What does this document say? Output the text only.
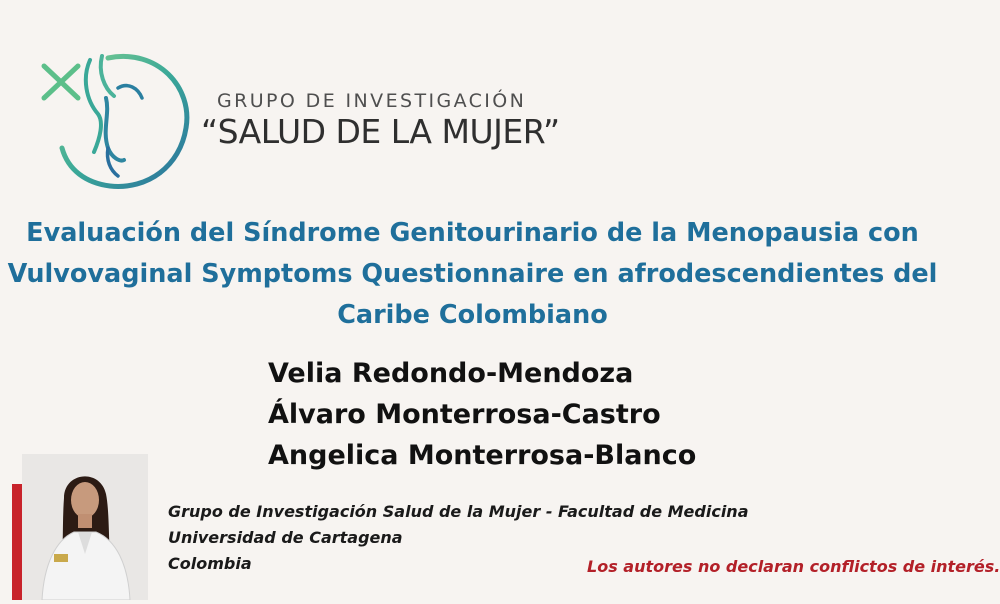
GRUPO DE INVESTIGACIÓN
“SALUD DE LA MUJER”
Evaluación del Síndrome Genitourinario de la Menopausia con
Vulvovaginal Symptoms Questionnaire en afrodescendientes del
Caribe Colombiano
Velia Redondo-Mendoza
Álvaro Monterrosa-Castro
Angelica Monterrosa-Blanco
Grupo de Investigación Salud de la Mujer - Facultad de Medicina
Universidad de Cartagena
Colombia	Los autores no declaran conflictos de interés.
